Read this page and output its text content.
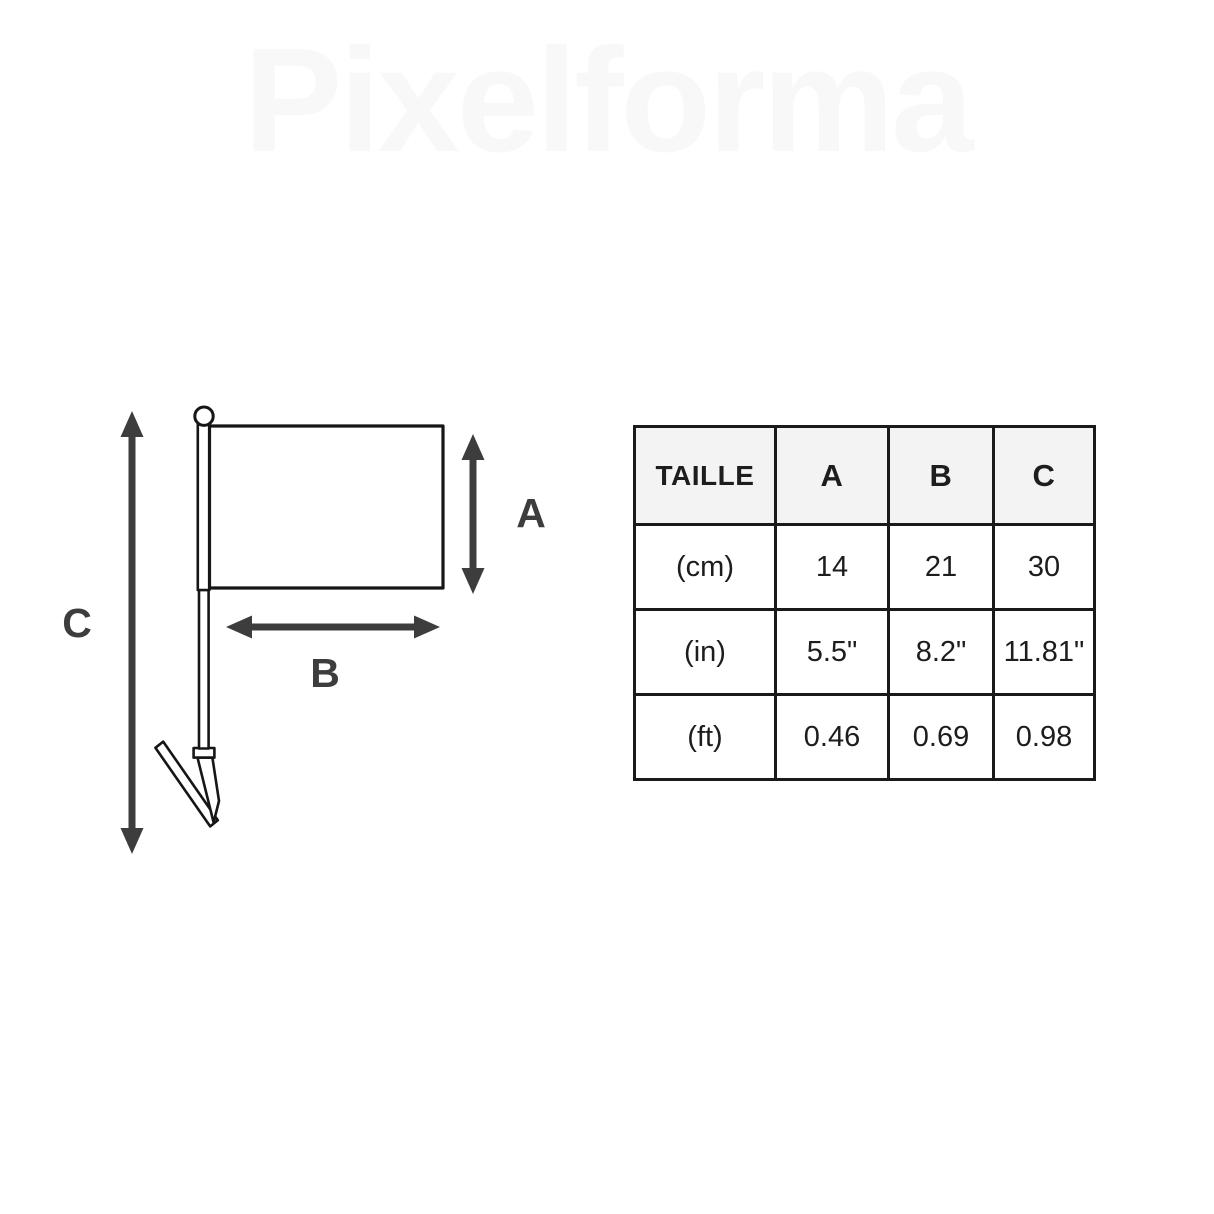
Pixelforma
C
A
B
TAILLE	A	B	C
(cm)	14	21	30
(in)	5.5"	8.2"	11.81"
(ft)	0.46	0.69	0.98
